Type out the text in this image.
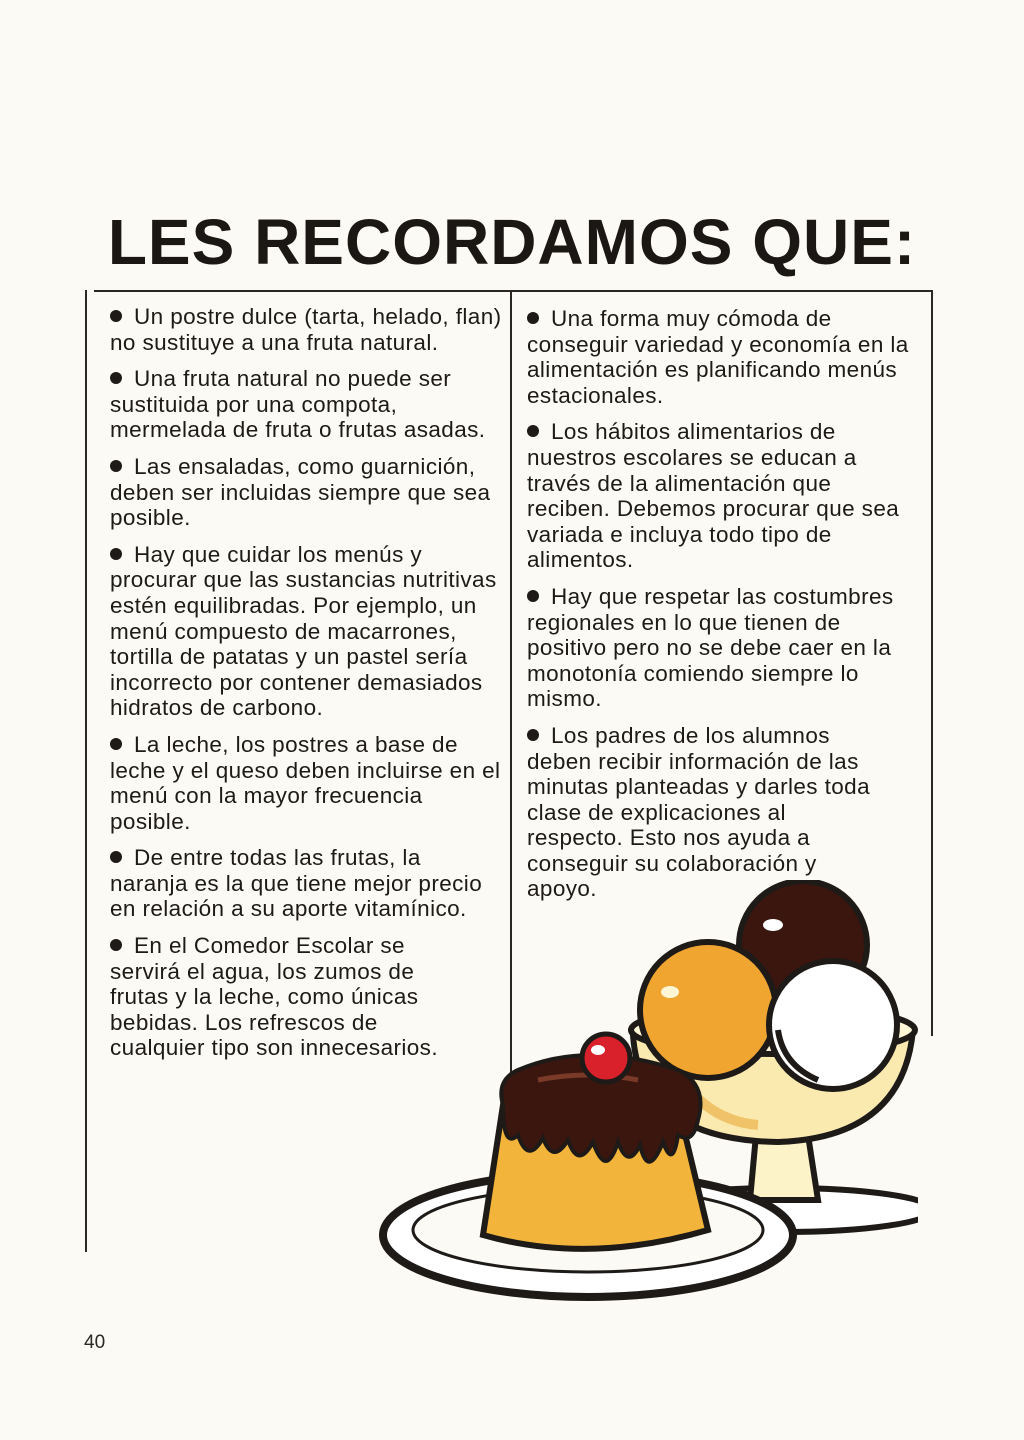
LES RECORDAMOS QUE:

Un postre dulce (tarta, helado, flan) no sustituye a una fruta natural.

Una fruta natural no puede ser sustituida por una compota, mermelada de fruta o frutas asadas.

Las ensaladas, como guarnición, deben ser incluidas siempre que sea posible.

Hay que cuidar los menús y procurar que las sustancias nutritivas estén equilibradas. Por ejemplo, un menú compuesto de macarrones, tortilla de patatas y un pastel sería incorrecto por contener demasiados hidratos de carbono.

La leche, los postres a base de leche y el queso deben incluirse en el menú con la mayor frecuencia posible.

De entre todas las frutas, la naranja es la que tiene mejor precio en relación a su aporte vitamínico.

En el Comedor Escolar se servirá el agua, los zumos de frutas y la leche, como únicas bebidas. Los refrescos de cualquier tipo son innecesarios.

Una forma muy cómoda de conseguir variedad y economía en la alimentación es planificando menús estacionales.

Los hábitos alimentarios de nuestros escolares se educan a través de la alimentación que reciben. Debemos procurar que sea variada e incluya todo tipo de alimentos.

Hay que respetar las costumbres regionales en lo que tienen de positivo pero no se debe caer en la monotonía comiendo siempre lo mismo.

Los padres de los alumnos deben recibir información de las minutas planteadas y darles toda clase de explicaciones al respecto. Esto nos ayuda a conseguir su colaboración y apoyo.

40
